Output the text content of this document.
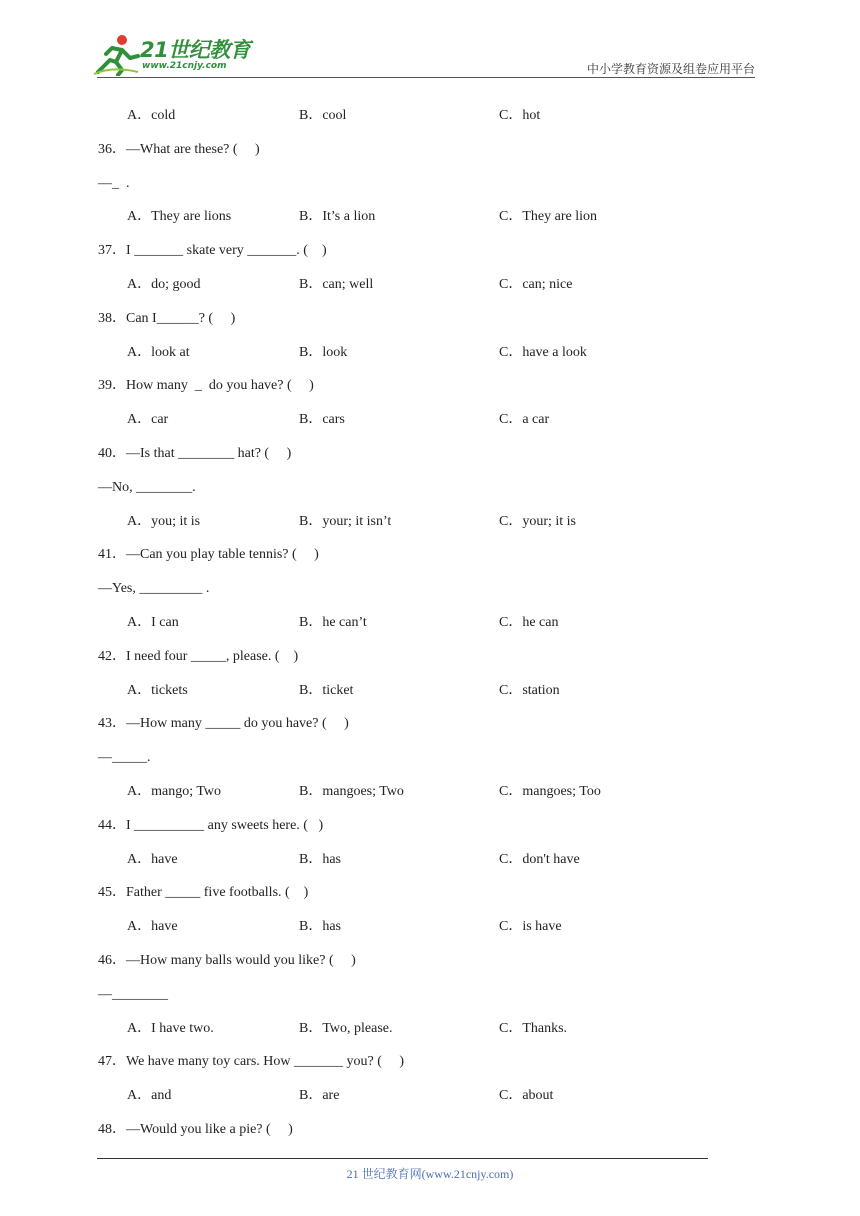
21世纪教育
www.21cnjy.com	中小学教育资源及组卷应用平台
A．cold	B．cool	C．hot
36．—What are these? (     )
—_  .
A．They are lions	B．It’s a lion	C．They are lion
37．I _______ skate very _______. (    )
A．do; good	B．can; well	C．can; nice
38．Can I______? (     )
A．look at	B．look	C．have a look
39．How many  _  do you have? (     )
A．car	B．cars	C．a car
40．—Is that ________ hat? (     )
—No, ________.
A．you; it is	B．your; it isn’t	C．your; it is
41．—Can you play table tennis? (     )
—Yes, _________ .
A．I can	B．he can’t	C．he can
42．I need four _____, please. (    )
A．tickets	B．ticket	C．station
43．—How many _____ do you have? (     )
—_____.
A．mango; Two	B．mangoes; Two	C．mangoes; Too
44．I __________ any sweets here. (   )
A．have	B．has	C．don't have
45．Father _____ five footballs. (    )
A．have	B．has	C．is have
46．—How many balls would you like? (     )
—________
A．I have two.	B．Two, please.	C．Thanks.
47．We have many toy cars. How _______ you? (     )
A．and	B．are	C．about
48．—Would you like a pie? (     )
21 世纪教育网(www.21cnjy.com)
